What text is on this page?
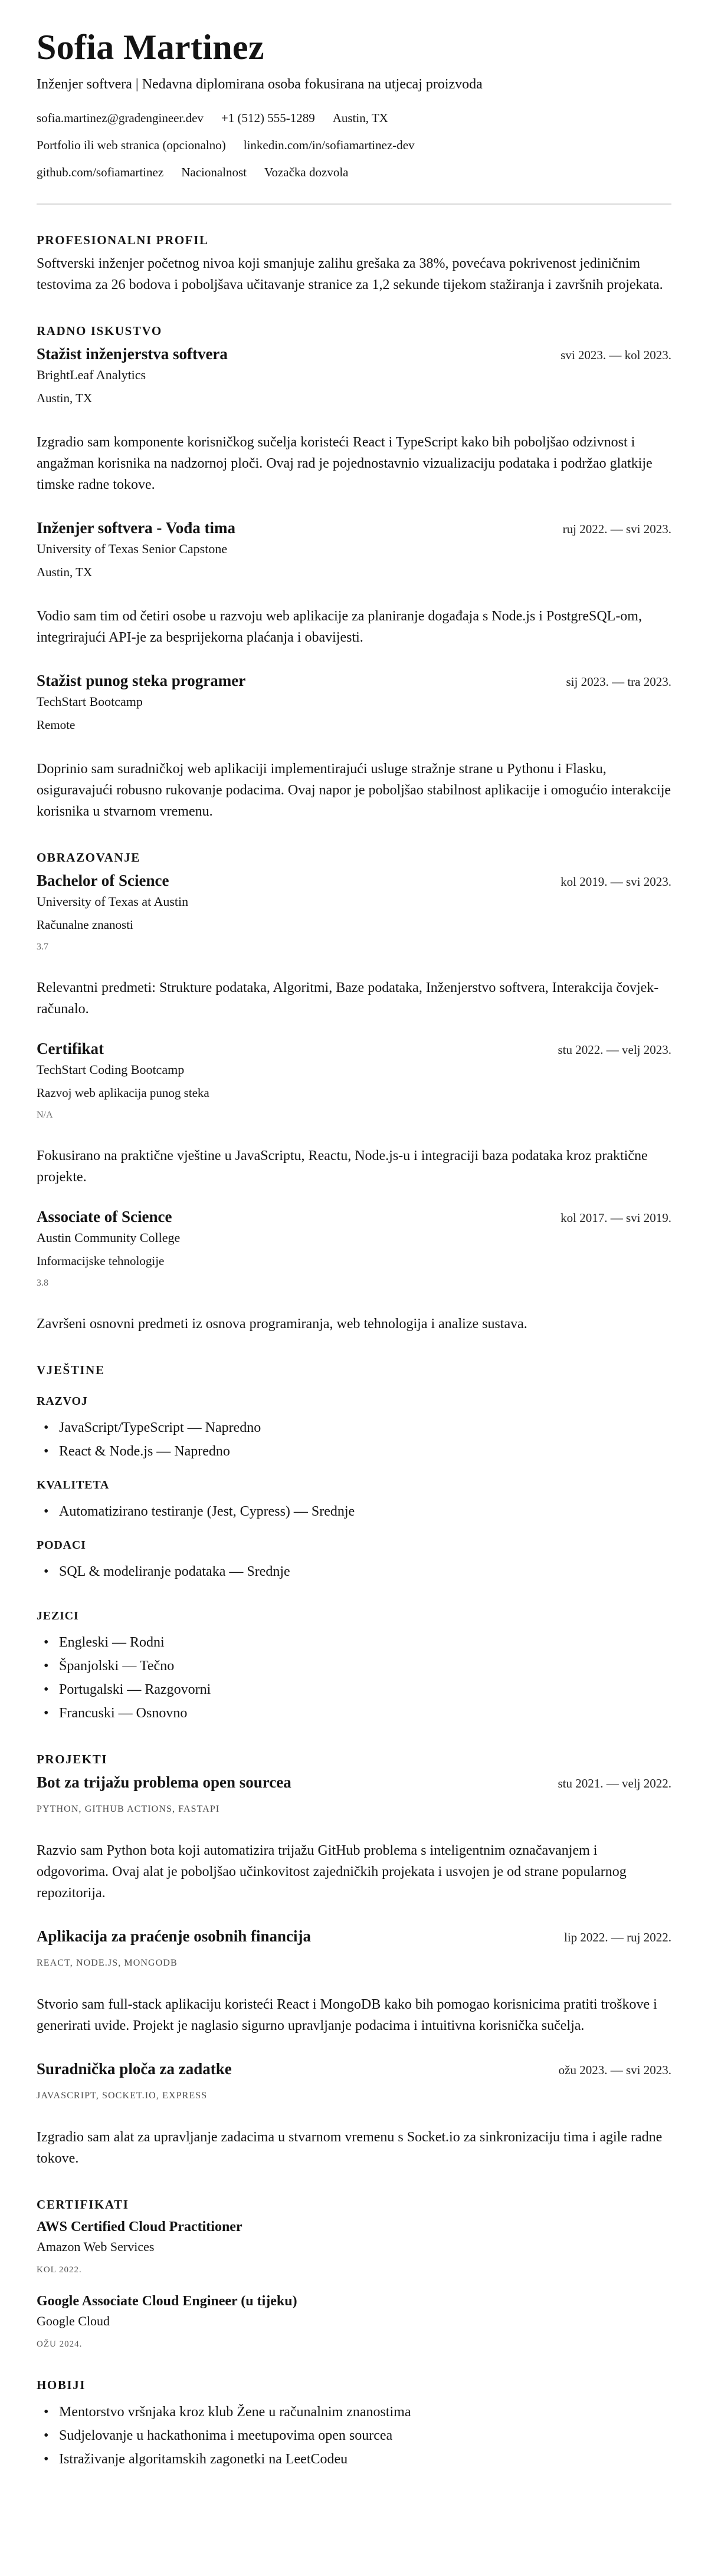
Sofia Martinez

Inženjer softvera | Nedavna diplomirana osoba fokusirana na utjecaj proizvoda

sofia.martinez@gradengineer.dev +1 (512) 555-1289 Austin, TX
Portfolio ili web stranica (opcionalno) linkedin.com/in/sofiamartinez-dev
github.com/sofiamartinez Nacionalnost Vozačka dozvola
PROFESIONALNI PROFIL

Softverski inženjer početnog nivoa koji smanjuje zalihu grešaka za 38%, povećava pokrivenost jediničnim testovima za 26 bodova i poboljšava učitavanje stranice za 1,2 sekunde tijekom stažiranja i završnih projekata.

RADNO ISKUSTVO
Stažist inženjerstva softvera	svi 2023. — kol 2023.

BrightLeaf Analytics

Austin, TX

Izgradio sam komponente korisničkog sučelja koristeći React i TypeScript kako bih poboljšao odzivnost i angažman korisnika na nadzornoj ploči. Ovaj rad je pojednostavnio vizualizaciju podataka i podržao glatkije timske radne tokove.

Inženjer softvera - Vođa tima	ruj 2022. — svi 2023.

University of Texas Senior Capstone

Austin, TX

Vodio sam tim od četiri osobe u razvoju web aplikacije za planiranje događaja s Node.js i PostgreSQL-om, integrirajući API-je za besprijekorna plaćanja i obavijesti.

Stažist punog steka programer	sij 2023. — tra 2023.

TechStart Bootcamp

Remote

Doprinio sam suradničkoj web aplikaciji implementirajući usluge stražnje strane u Pythonu i Flasku, osiguravajući robusno rukovanje podacima. Ovaj napor je poboljšao stabilnost aplikacije i omogućio interakcije korisnika u stvarnom vremenu.

OBRAZOVANJE
Bachelor of Science	kol 2019. — svi 2023.

University of Texas at Austin

Računalne znanosti

3.7

Relevantni predmeti: Strukture podataka, Algoritmi, Baze podataka, Inženjerstvo softvera, Interakcija čovjek-računalo.

Certifikat	stu 2022. — velj 2023.

TechStart Coding Bootcamp

Razvoj web aplikacija punog steka

N/A

Fokusirano na praktične vještine u JavaScriptu, Reactu, Node.js-u i integraciji baza podataka kroz praktične projekte.

Associate of Science	kol 2017. — svi 2019.

Austin Community College

Informacijske tehnologije

3.8

Završeni osnovni predmeti iz osnova programiranja, web tehnologija i analize sustava.

VJEŠTINE
RAZVOJ
• JavaScript/TypeScript — Napredno
• React & Node.js — Napredno
KVALITETA
• Automatizirano testiranje (Jest, Cypress) — Srednje
PODACI
• SQL & modeliranje podataka — Srednje
JEZICI
• Engleski — Rodni
• Španjolski — Tečno
• Portugalski — Razgovorni
• Francuski — Osnovno
PROJEKTI
Bot za trijažu problema open sourcea	stu 2021. — velj 2022.

PYTHON, GITHUB ACTIONS, FASTAPI

Razvio sam Python bota koji automatizira trijažu GitHub problema s inteligentnim označavanjem i odgovorima. Ovaj alat je poboljšao učinkovitost zajedničkih projekata i usvojen je od strane popularnog repozitorija.

Aplikacija za praćenje osobnih financija	lip 2022. — ruj 2022.

REACT, NODE.JS, MONGODB

Stvorio sam full-stack aplikaciju koristeći React i MongoDB kako bih pomogao korisnicima pratiti troškove i generirati uvide. Projekt je naglasio sigurno upravljanje podacima i intuitivna korisnička sučelja.

Suradnička ploča za zadatke	ožu 2023. — svi 2023.

JAVASCRIPT, SOCKET.IO, EXPRESS

Izgradio sam alat za upravljanje zadacima u stvarnom vremenu s Socket.io za sinkronizaciju tima i agile radne tokove.

CERTIFIKATI
AWS Certified Cloud Practitioner

Amazon Web Services

KOL 2022.

Google Associate Cloud Engineer (u tijeku)

Google Cloud

OŽU 2024.

HOBIJI
• Mentorstvo vršnjaka kroz klub Žene u računalnim znanostima
• Sudjelovanje u hackathonima i meetupovima open sourcea
• Istraživanje algoritamskih zagonetki na LeetCodeu
